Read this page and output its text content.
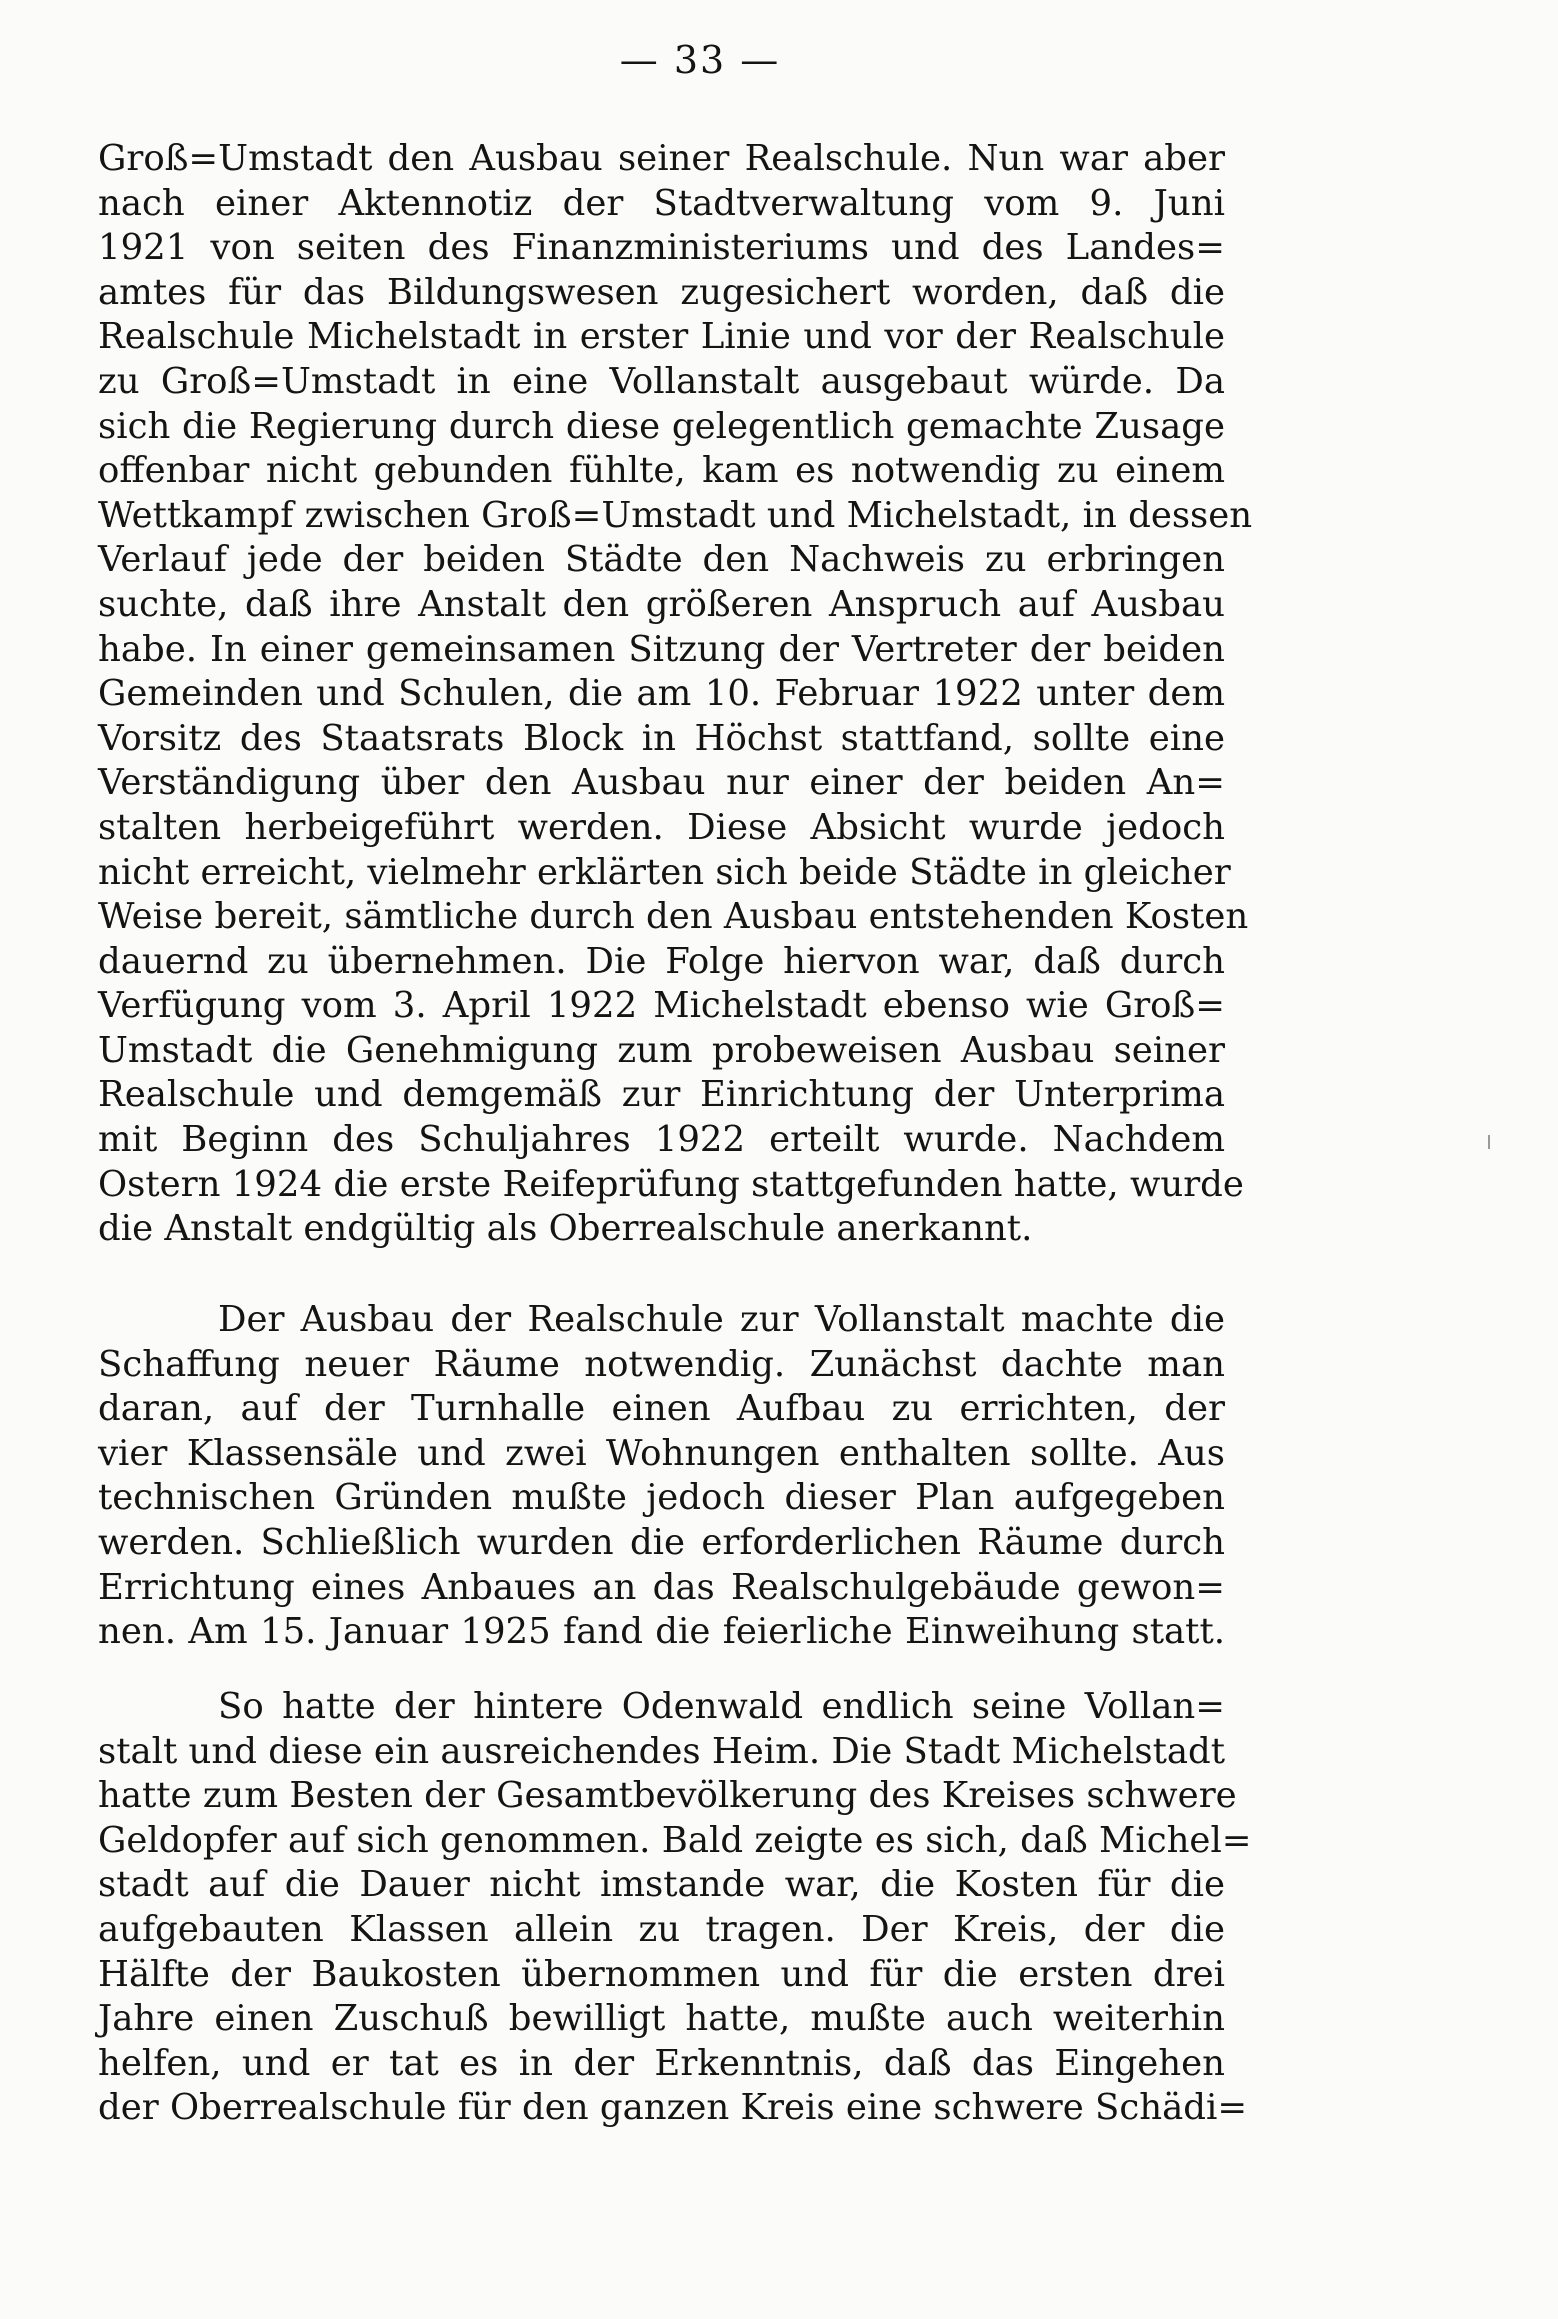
— 33 —
Groß=Umstadt den Ausbau seiner Realschule. Nun war aber
nach einer Aktennotiz der Stadtverwaltung vom 9. Juni
1921 von seiten des Finanzministeriums und des Landes=
amtes für das Bildungswesen zugesichert worden, daß die
Realschule Michelstadt in erster Linie und vor der Realschule
zu Groß=Umstadt in eine Vollanstalt ausgebaut würde. Da
sich die Regierung durch diese gelegentlich gemachte Zusage
offenbar nicht gebunden fühlte, kam es notwendig zu einem
Wettkampf zwischen Groß=Umstadt und Michelstadt, in dessen
Verlauf jede der beiden Städte den Nachweis zu erbringen
suchte, daß ihre Anstalt den größeren Anspruch auf Ausbau
habe. In einer gemeinsamen Sitzung der Vertreter der beiden
Gemeinden und Schulen, die am 10. Februar 1922 unter dem
Vorsitz des Staatsrats Block in Höchst stattfand, sollte eine
Verständigung über den Ausbau nur einer der beiden An=
stalten herbeigeführt werden. Diese Absicht wurde jedoch
nicht erreicht, vielmehr erklärten sich beide Städte in gleicher
Weise bereit, sämtliche durch den Ausbau entstehenden Kosten
dauernd zu übernehmen. Die Folge hiervon war, daß durch
Verfügung vom 3. April 1922 Michelstadt ebenso wie Groß=
Umstadt die Genehmigung zum probeweisen Ausbau seiner
Realschule und demgemäß zur Einrichtung der Unterprima
mit Beginn des Schuljahres 1922 erteilt wurde. Nachdem
Ostern 1924 die erste Reifeprüfung stattgefunden hatte, wurde
die Anstalt endgültig als Oberrealschule anerkannt.
Der Ausbau der Realschule zur Vollanstalt machte die
Schaffung neuer Räume notwendig. Zunächst dachte man
daran, auf der Turnhalle einen Aufbau zu errichten, der
vier Klassensäle und zwei Wohnungen enthalten sollte. Aus
technischen Gründen mußte jedoch dieser Plan aufgegeben
werden. Schließlich wurden die erforderlichen Räume durch
Errichtung eines Anbaues an das Realschulgebäude gewon=
nen. Am 15. Januar 1925 fand die feierliche Einweihung statt.
So hatte der hintere Odenwald endlich seine Vollan=
stalt und diese ein ausreichendes Heim. Die Stadt Michelstadt
hatte zum Besten der Gesamtbevölkerung des Kreises schwere
Geldopfer auf sich genommen. Bald zeigte es sich, daß Michel=
stadt auf die Dauer nicht imstande war, die Kosten für die
aufgebauten Klassen allein zu tragen. Der Kreis, der die
Hälfte der Baukosten übernommen und für die ersten drei
Jahre einen Zuschuß bewilligt hatte, mußte auch weiterhin
helfen, und er tat es in der Erkenntnis, daß das Eingehen
der Oberrealschule für den ganzen Kreis eine schwere Schädi=
